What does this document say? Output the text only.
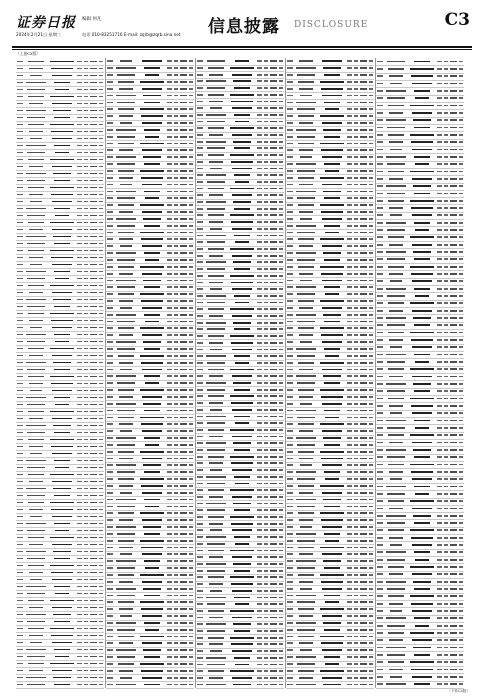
证券日报 编辑 何凡
2024年2月21日 星期三	电话 010-83251716 E-mail: zqrb@zqrb.sina.net 信息披露 DISCLOSURE	C3
（上接C2版）
（下转C4版）
